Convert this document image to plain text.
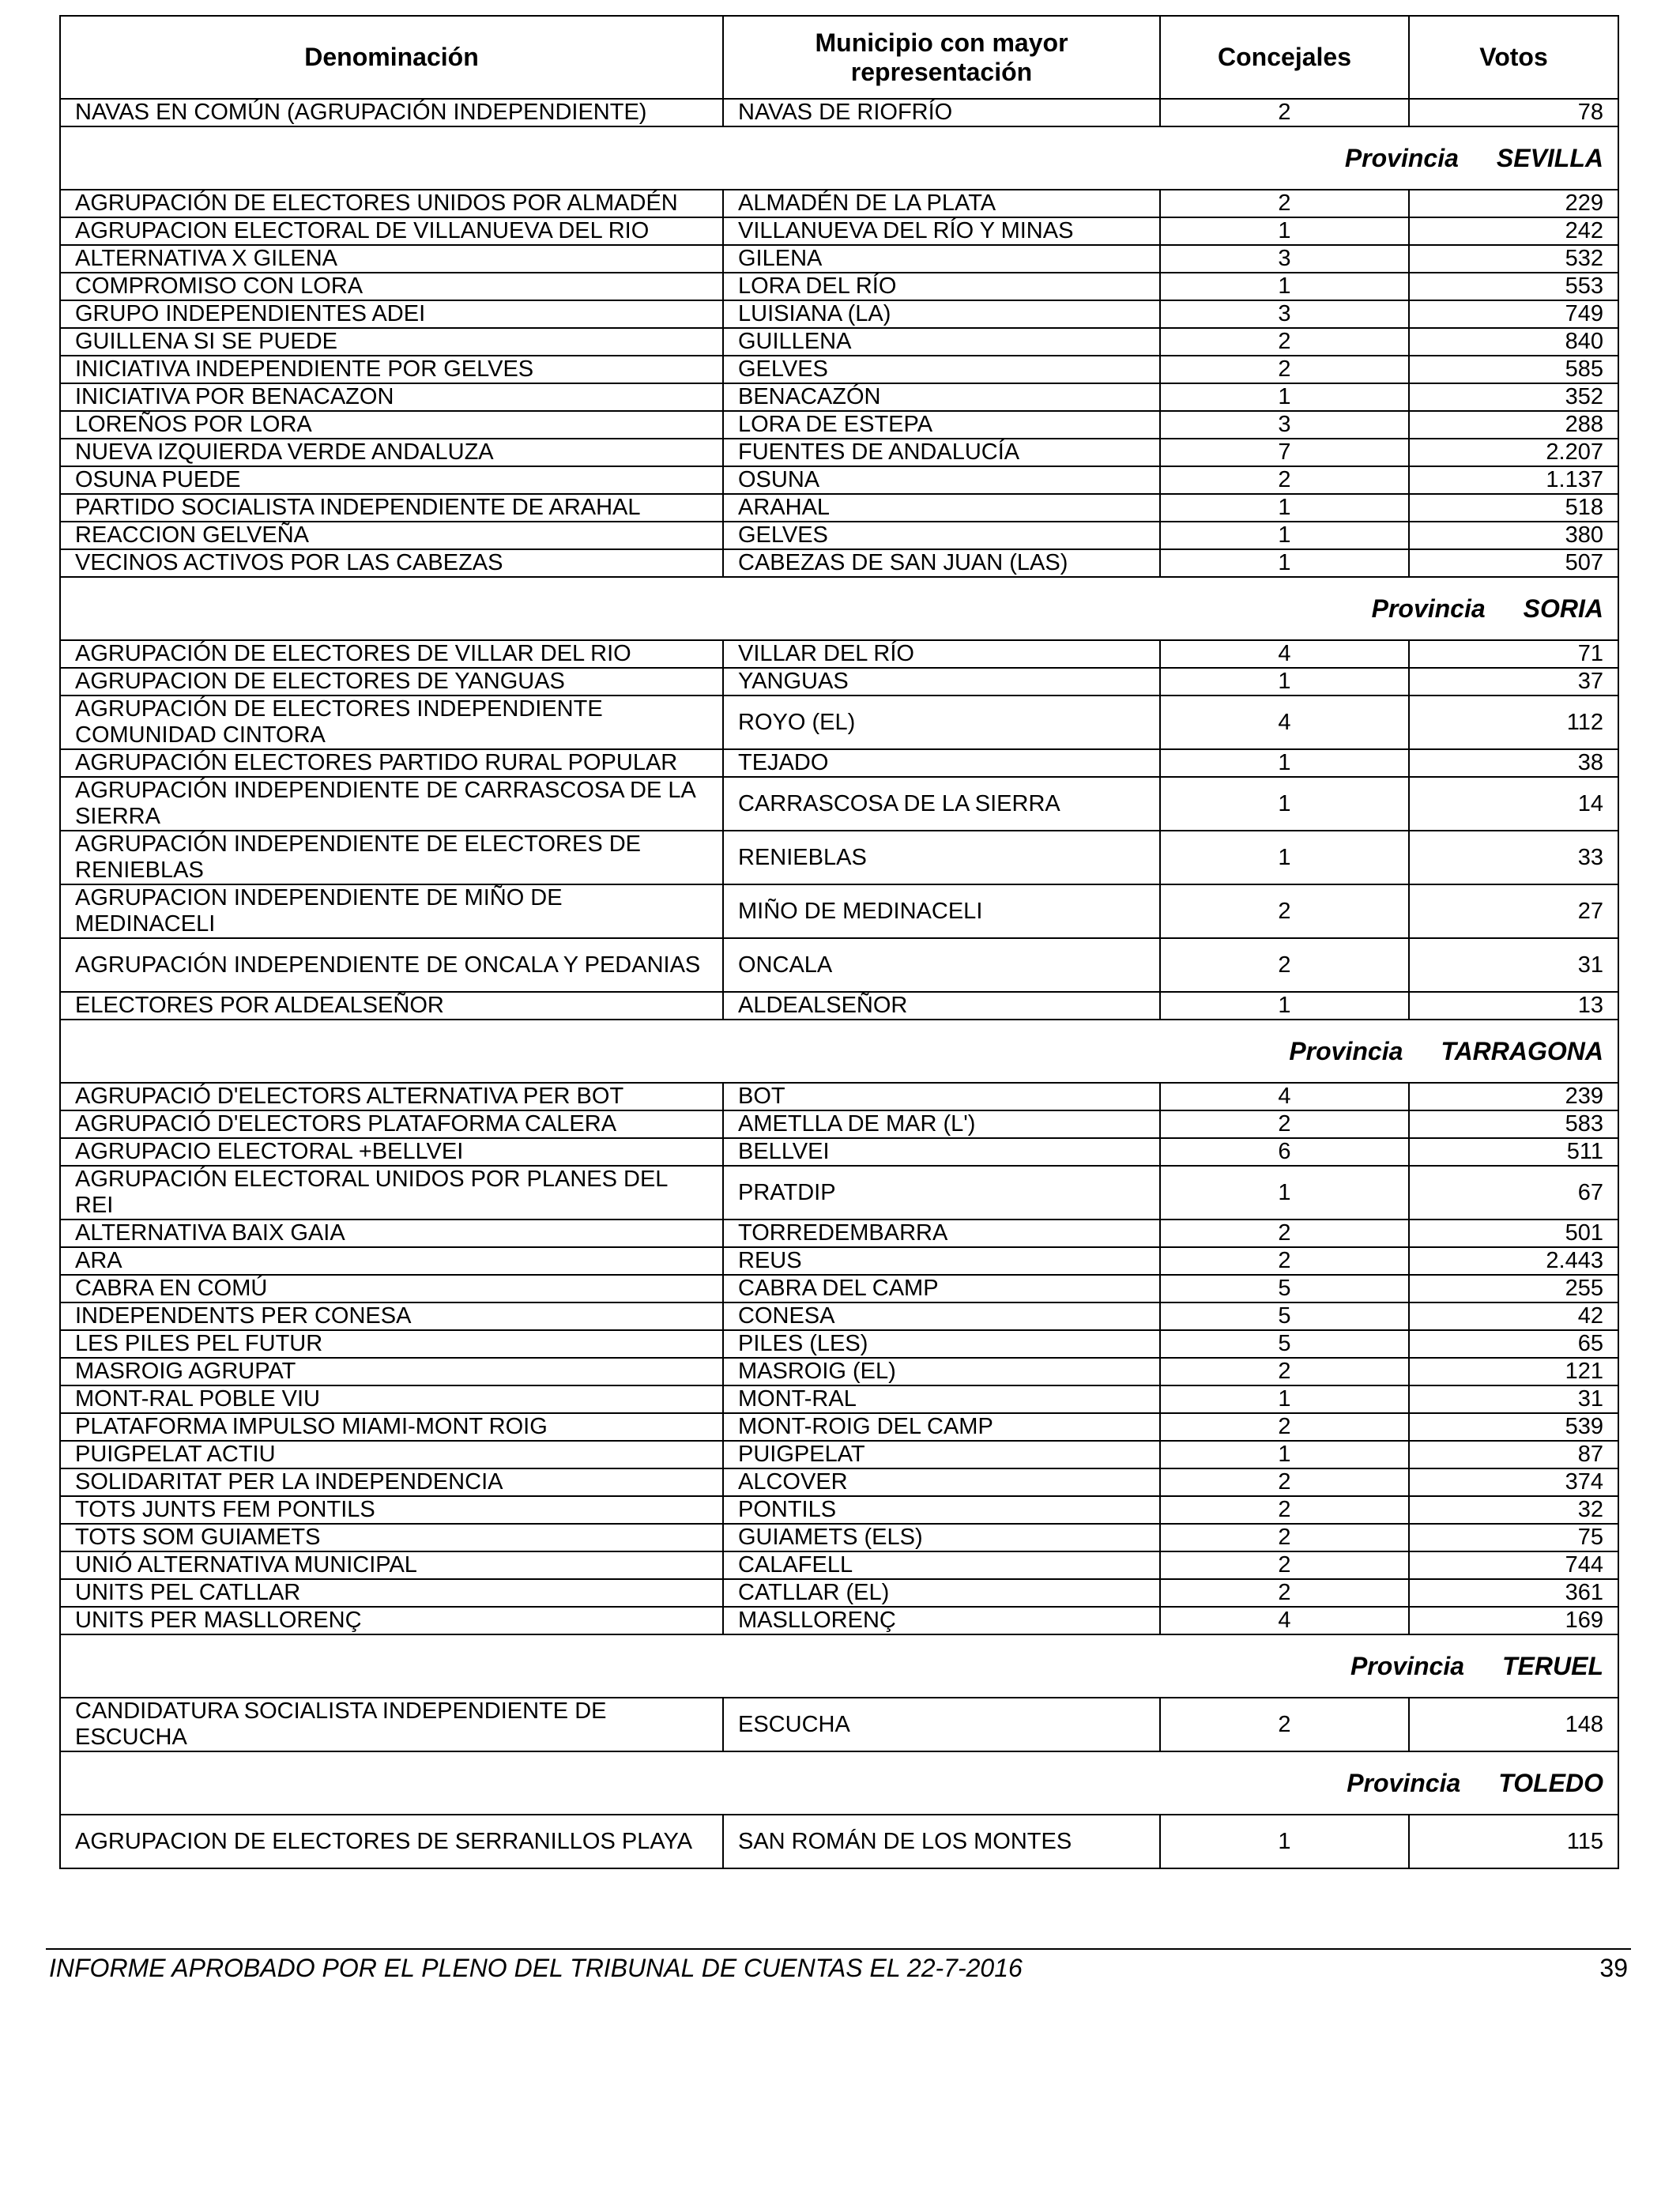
Denominación	Municipio con mayor representación	Concejales	Votos
NAVAS EN COMÚN (AGRUPACIÓN INDEPENDIENTE)	NAVAS DE RIOFRÍO	2	78
Provincia SEVILLA			
AGRUPACIÓN DE ELECTORES UNIDOS POR ALMADÉN	ALMADÉN DE LA PLATA	2	229
AGRUPACION ELECTORAL DE VILLANUEVA DEL RIO	VILLANUEVA DEL RÍO Y MINAS	1	242
ALTERNATIVA X GILENA	GILENA	3	532
COMPROMISO CON LORA	LORA DEL RÍO	1	553
GRUPO INDEPENDIENTES ADEI	LUISIANA (LA)	3	749
GUILLENA SI SE PUEDE	GUILLENA	2	840
INICIATIVA INDEPENDIENTE POR GELVES	GELVES	2	585
INICIATIVA POR BENACAZON	BENACAZÓN	1	352
LOREÑOS POR LORA	LORA DE ESTEPA	3	288
NUEVA IZQUIERDA VERDE ANDALUZA	FUENTES DE ANDALUCÍA	7	2.207
OSUNA PUEDE	OSUNA	2	1.137
PARTIDO SOCIALISTA INDEPENDIENTE DE ARAHAL	ARAHAL	1	518
REACCION GELVEÑA	GELVES	1	380
VECINOS ACTIVOS POR LAS CABEZAS	CABEZAS DE SAN JUAN (LAS)	1	507
Provincia SORIA			
AGRUPACIÓN DE ELECTORES DE VILLAR DEL RIO	VILLAR DEL RÍO	4	71
AGRUPACION DE ELECTORES DE YANGUAS	YANGUAS	1	37
AGRUPACIÓN DE ELECTORES INDEPENDIENTE COMUNIDAD CINTORA	ROYO (EL)	4	112
AGRUPACIÓN ELECTORES PARTIDO RURAL POPULAR	TEJADO	1	38
AGRUPACIÓN INDEPENDIENTE DE CARRASCOSA DE LA SIERRA	CARRASCOSA DE LA SIERRA	1	14
AGRUPACIÓN INDEPENDIENTE DE ELECTORES DE RENIEBLAS	RENIEBLAS	1	33
AGRUPACION INDEPENDIENTE DE MIÑO DE MEDINACELI	MIÑO DE MEDINACELI	2	27
AGRUPACIÓN INDEPENDIENTE DE ONCALA Y PEDANIAS	ONCALA	2	31
ELECTORES POR ALDEALSEÑOR	ALDEALSEÑOR	1	13
Provincia TARRAGONA			
AGRUPACIÓ D'ELECTORS ALTERNATIVA PER BOT	BOT	4	239
AGRUPACIÓ D'ELECTORS PLATAFORMA CALERA	AMETLLA DE MAR (L')	2	583
AGRUPACIO ELECTORAL +BELLVEI	BELLVEI	6	511
AGRUPACIÓN ELECTORAL UNIDOS POR PLANES DEL REI	PRATDIP	1	67
ALTERNATIVA BAIX GAIA	TORREDEMBARRA	2	501
ARA	REUS	2	2.443
CABRA EN COMÚ	CABRA DEL CAMP	5	255
INDEPENDENTS PER CONESA	CONESA	5	42
LES PILES PEL FUTUR	PILES (LES)	5	65
MASROIG AGRUPAT	MASROIG (EL)	2	121
MONT-RAL POBLE VIU	MONT-RAL	1	31
PLATAFORMA IMPULSO MIAMI-MONT ROIG	MONT-ROIG DEL CAMP	2	539
PUIGPELAT ACTIU	PUIGPELAT	1	87
SOLIDARITAT PER LA INDEPENDENCIA	ALCOVER	2	374
TOTS JUNTS FEM PONTILS	PONTILS	2	32
TOTS SOM GUIAMETS	GUIAMETS (ELS)	2	75
UNIÓ ALTERNATIVA MUNICIPAL	CALAFELL	2	744
UNITS PEL CATLLAR	CATLLAR (EL)	2	361
UNITS PER MASLLORENÇ	MASLLORENÇ	4	169
Provincia TERUEL			
CANDIDATURA SOCIALISTA INDEPENDIENTE DE ESCUCHA	ESCUCHA	2	148
Provincia TOLEDO			
AGRUPACION DE ELECTORES DE SERRANILLOS PLAYA	SAN ROMÁN DE LOS MONTES	1	115
INFORME APROBADO POR EL PLENO DEL TRIBUNAL DE CUENTAS EL 22-7-2016	39
